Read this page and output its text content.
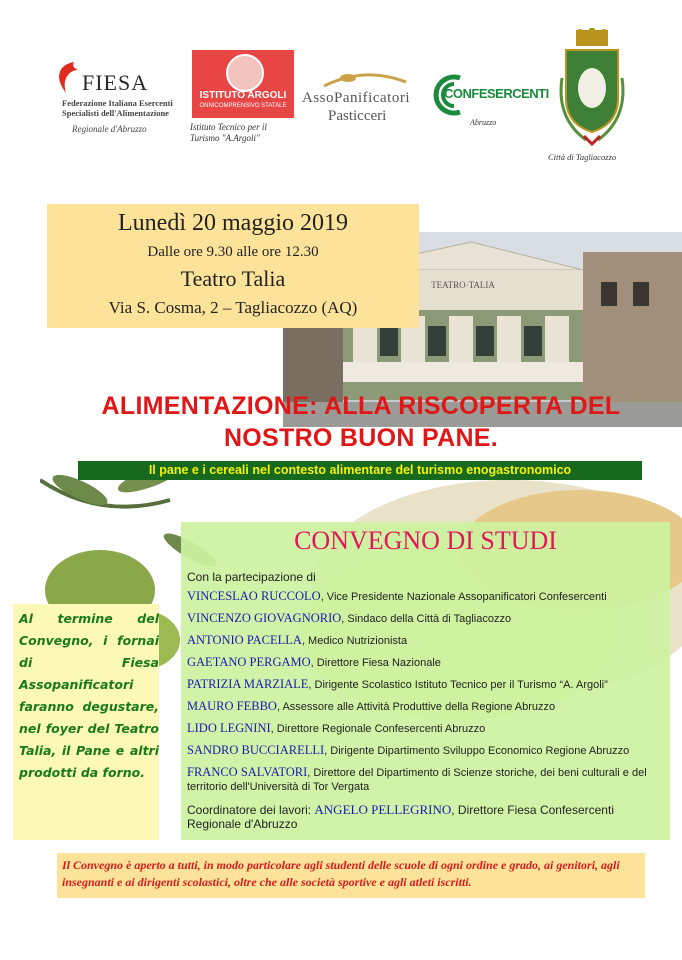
FIESA
Federazione Italiana Esercenti Specialisti dell'Alimentazione
Regionale d'Abruzzo
ISTITUTO ARGOLI
ONNICOMPRENSIVO STATALE
Istituto Tecnico per il Turismo "A.Argoli"
AssoPanificatori
Pasticceri
CONFESERCENTI
Abruzzo
Città di Tagliacozzo
TEATRO·TALIA
Lunedì 20 maggio 2019
Dalle ore 9.30 alle ore 12.30
Teatro Talia
Via S. Cosma, 2 – Tagliacozzo (AQ)
ALIMENTAZIONE: ALLA RISCOPERTA DEL
NOSTRO BUON PANE.
Il pane e i cereali nel contesto alimentare del turismo enogastronomico
CONVEGNO DI STUDI
Con la partecipazione di
VINCESLAO RUCCOLO, Vice Presidente Nazionale Assopanificatori Confesercenti
VINCENZO GIOVAGNORIO, Sindaco della Città di Tagliacozzo
ANTONIO PACELLA, Medico Nutrizionista
GAETANO PERGAMO, Direttore Fiesa Nazionale
PATRIZIA MARZIALE, Dirigente Scolastico Istituto Tecnico per il Turismo “A. Argoli”
MAURO FEBBO, Assessore alle Attività Produttive della Regione Abruzzo
LIDO LEGNINI, Direttore Regionale Confesercenti Abruzzo
SANDRO BUCCIARELLI, Dirigente Dipartimento Sviluppo Economico Regione Abruzzo
FRANCO SALVATORI, Direttore del Dipartimento di Scienze storiche, dei beni culturali e del territorio dell'Università di Tor Vergata
Coordinatore dei lavori: ANGELO PELLEGRINO, Direttore Fiesa Confesercenti Regionale d'Abruzzo
Al termine del Convegno, i fornai di Fiesa Assopanificatori faranno degustare, nel foyer del Teatro Talia, il Pane e altri prodotti da forno.
Il Convegno è aperto a tutti, in modo particolare agli studenti delle scuole di ogni ordine e grado, ai genitori, agli insegnanti e ai dirigenti scolastici, oltre che alle società sportive e agli atleti iscritti.
